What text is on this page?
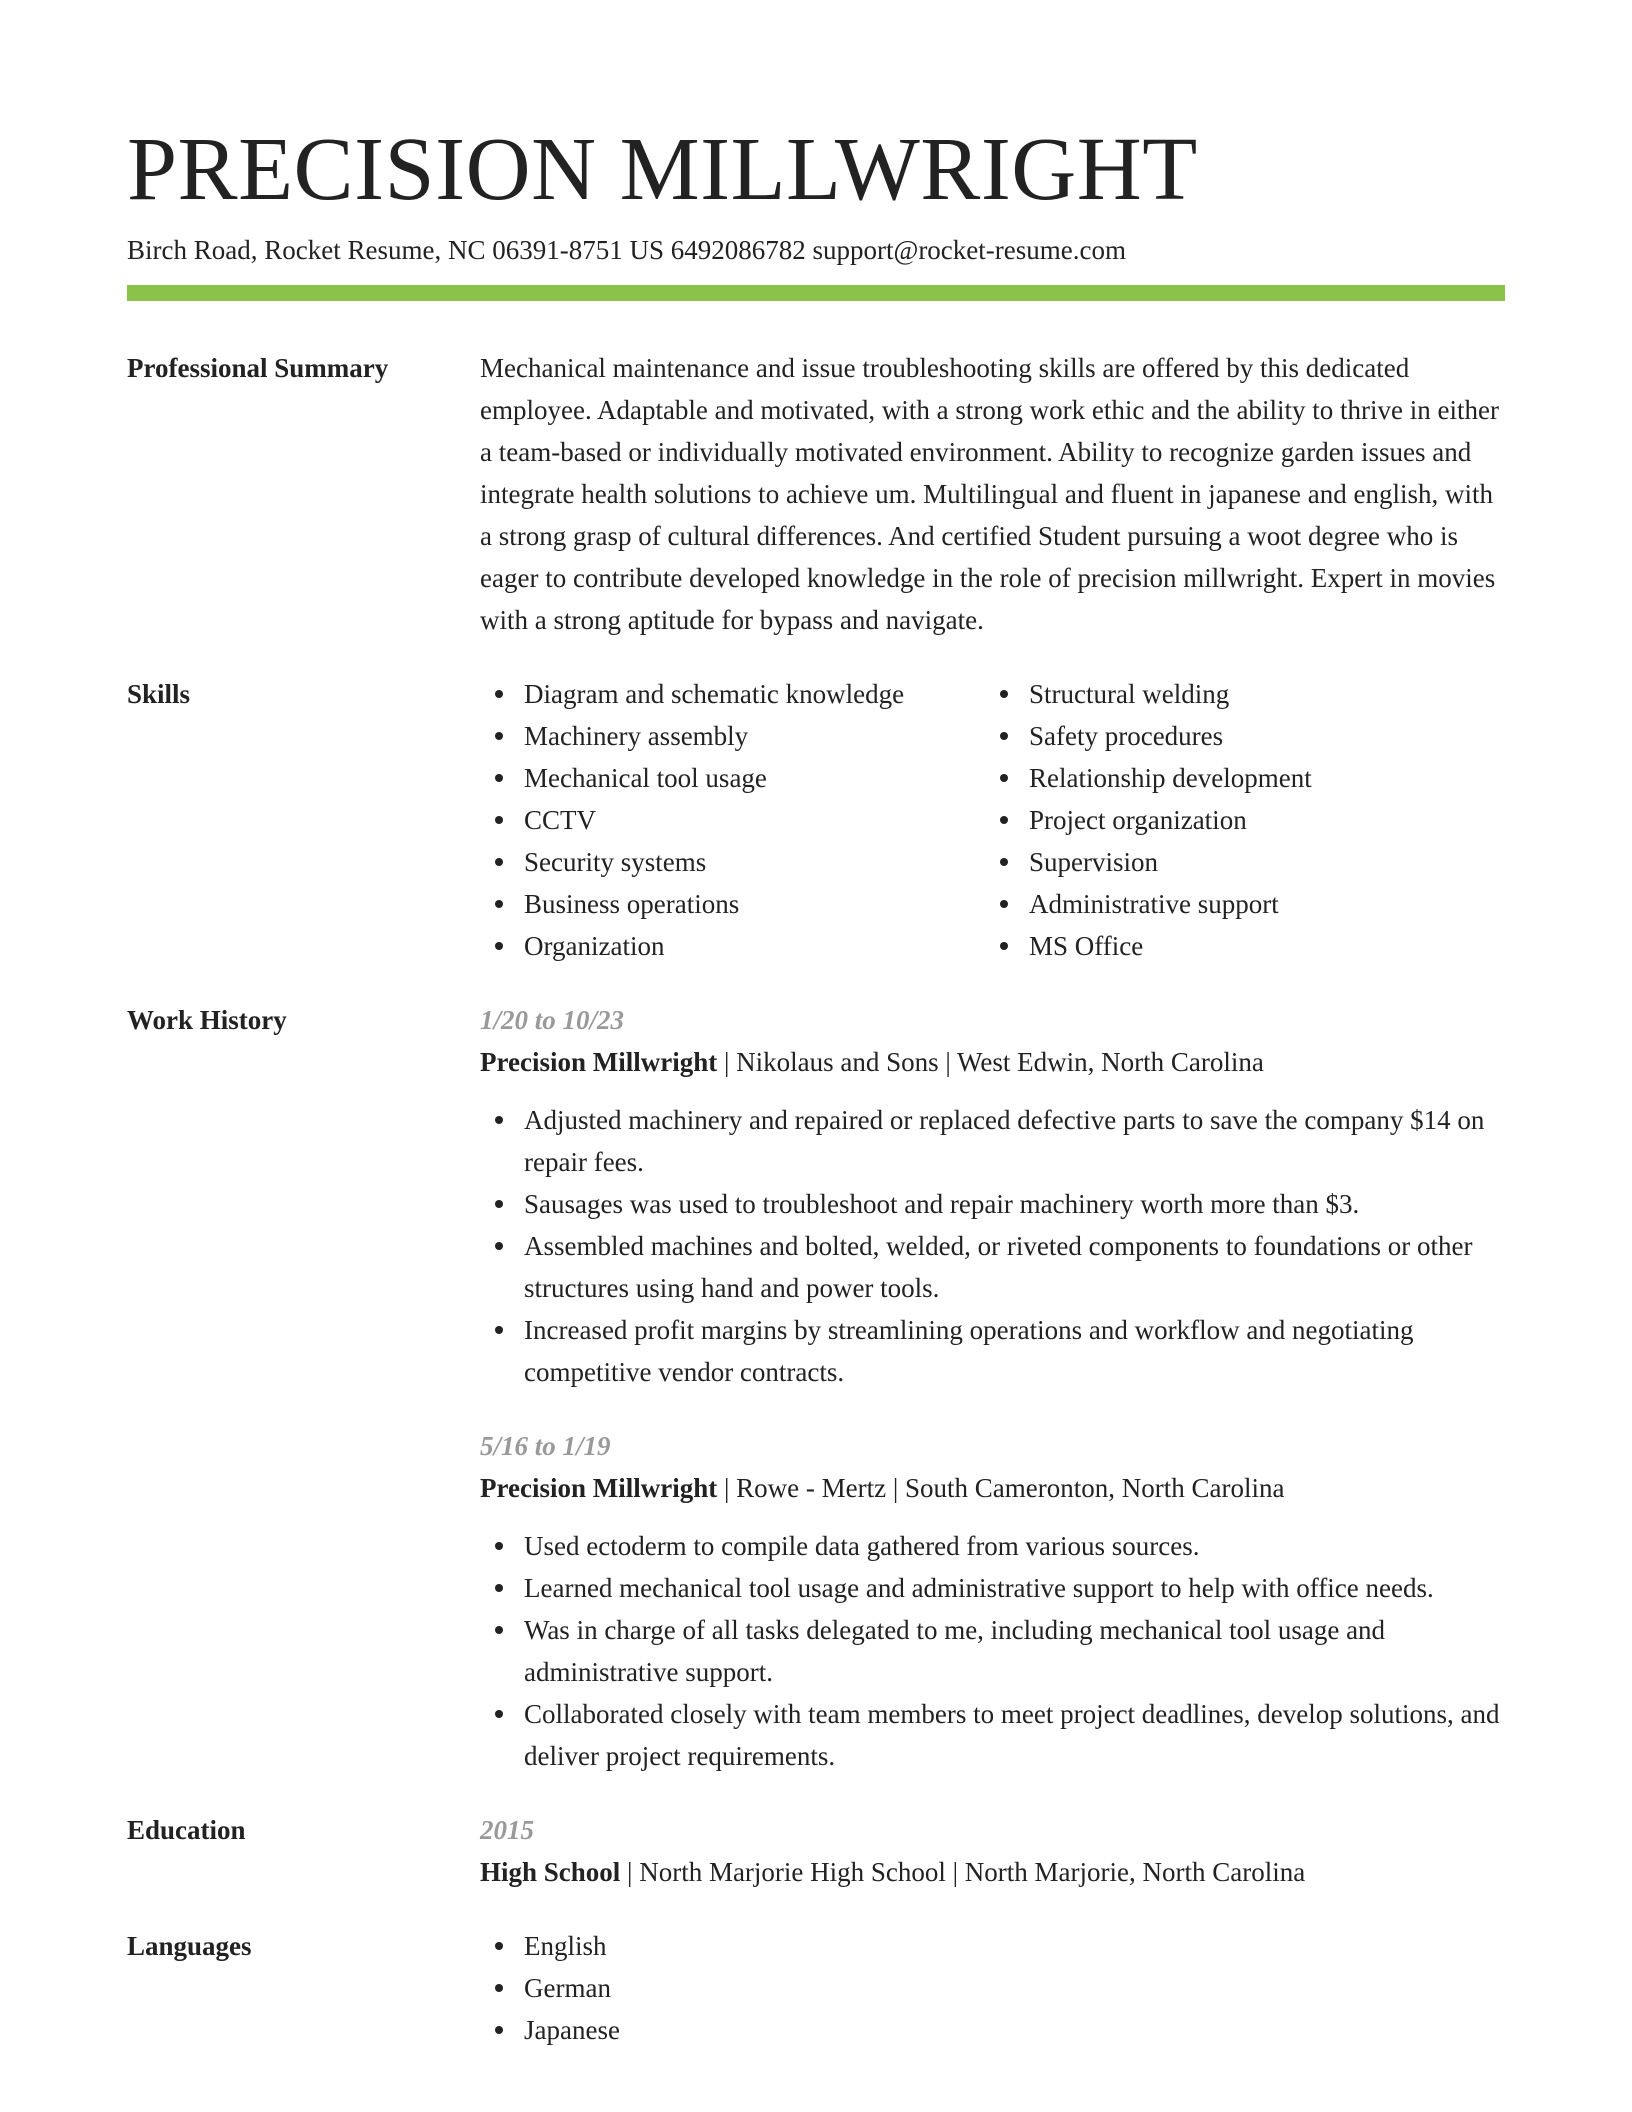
PRECISION MILLWRIGHT
Birch Road, Rocket Resume, NC 06391-8751 US 6492086782 support@rocket-resume.com
Professional Summary	Mechanical maintenance and issue troubleshooting skills are offered by this dedicated employee. Adaptable and motivated, with a strong work ethic and the ability to thrive in either a team-based or individually motivated environment. Ability to recognize garden issues and integrate health solutions to achieve um. Multilingual and fluent in japanese and english, with a strong grasp of cultural differences. And certified Student pursuing a woot degree who is eager to contribute developed knowledge in the role of precision millwright. Expert in movies with a strong aptitude for bypass and navigate.

Skills	Diagram and schematic knowledge
Machinery assembly
Mechanical tool usage
CCTV
Security systems
Business operations
Organization
Structural welding
Safety procedures
Relationship development
Project organization
Supervision
Administrative support
MS Office
Work History	1/20 to 10/23
Precision Millwright | Nikolaus and Sons | West Edwin, North Carolina
Adjusted machinery and repaired or replaced defective parts to save the company $14 on repair fees.
Sausages was used to troubleshoot and repair machinery worth more than $3.
Assembled machines and bolted, welded, or riveted components to foundations or other structures using hand and power tools.
Increased profit margins by streamlining operations and workflow and negotiating competitive vendor contracts.
5/16 to 1/19
Precision Millwright | Rowe - Mertz | South Cameronton, North Carolina
Used ectoderm to compile data gathered from various sources.
Learned mechanical tool usage and administrative support to help with office needs.
Was in charge of all tasks delegated to me, including mechanical tool usage and administrative support.
Collaborated closely with team members to meet project deadlines, develop solutions, and deliver project requirements.
Education	2015
High School | North Marjorie High School | North Marjorie, North Carolina
Languages	English
German
Japanese
